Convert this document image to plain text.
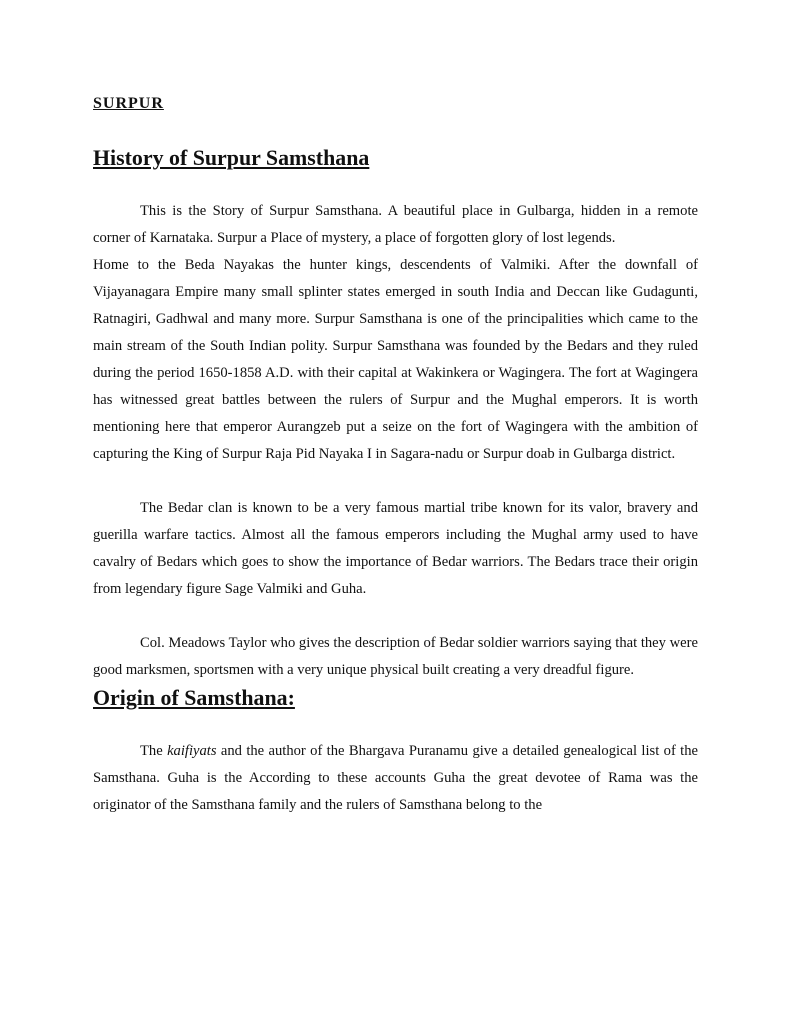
SURPUR
History of Surpur Samsthana

This is the Story of Surpur Samsthana. A beautiful place in Gulbarga, hidden in a remote corner of Karnataka. Surpur a Place of mystery, a place of forgotten glory of lost legends.

Home to the Beda Nayakas the hunter kings, descendents of Valmiki. After the downfall of Vijayanagara Empire many small splinter states emerged in south India and Deccan like Gudagunti, Ratnagiri, Gadhwal and many more. Surpur Samsthana is one of the principalities which came to the main stream of the South Indian polity. Surpur Samsthana was founded by the Bedars and they ruled during the period 1650-1858 A.D. with their capital at Wakinkera or Wagingera. The fort at Wagingera has witnessed great battles between the rulers of Surpur and the Mughal emperors. It is worth mentioning here that emperor Aurangzeb put a seize on the fort of Wagingera with the ambition of capturing the King of Surpur Raja Pid Nayaka I in Sagara-nadu or Surpur doab in Gulbarga district.

The Bedar clan is known to be a very famous martial tribe known for its valor, bravery and guerilla warfare tactics. Almost all the famous emperors including the Mughal army used to have cavalry of Bedars which goes to show the importance of Bedar warriors. The Bedars trace their origin from legendary figure Sage Valmiki and Guha.

Col. Meadows Taylor who gives the description of Bedar soldier warriors saying that they were good marksmen, sportsmen with a very unique physical built creating a very dreadful figure.

Origin of Samsthana:

The kaifiyats and the author of the Bhargava Puranamu give a detailed genealogical list of the Samsthana. Guha is the According to these accounts Guha the great devotee of Rama was the originator of the Samsthana family and the rulers of Samsthana belong to the
